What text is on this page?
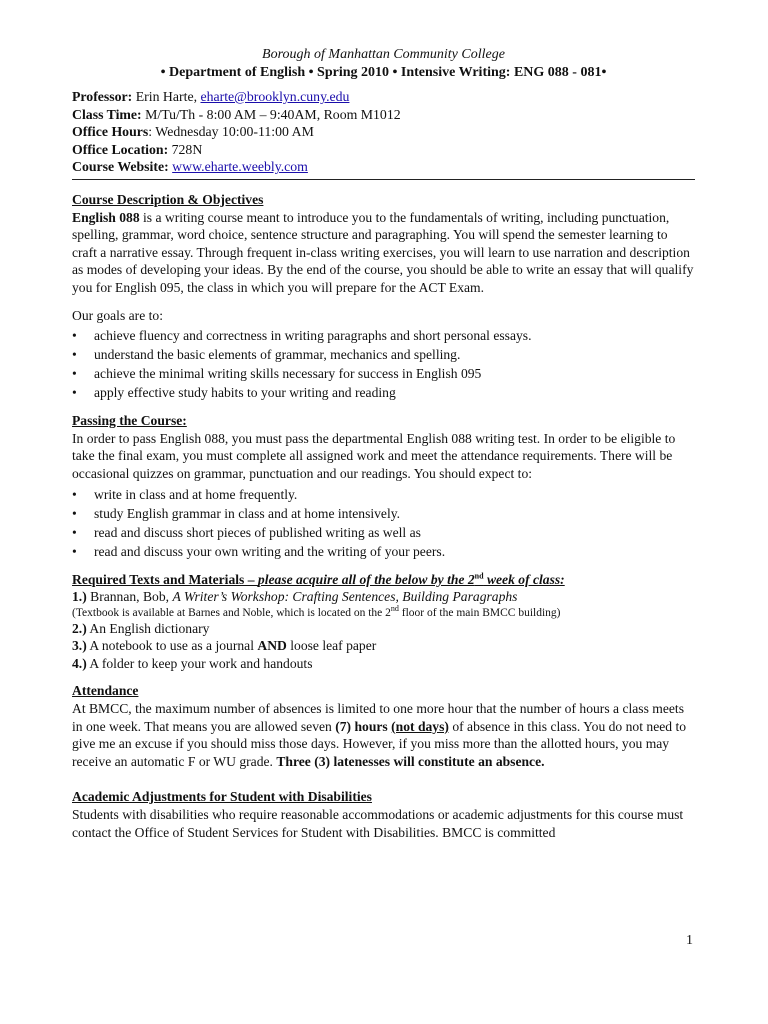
Borough of Manhattan Community College
• Department of English • Spring 2010 • Intensive Writing: ENG 088 - 081•
Professor: Erin Harte, eharte@brooklyn.cuny.edu
Class Time: M/Tu/Th - 8:00 AM – 9:40AM, Room M1012
Office Hours: Wednesday 10:00-11:00 AM
Office Location: 728N
Course Website: www.eharte.weebly.com
Course Description & Objectives

English 088 is a writing course meant to introduce you to the fundamentals of writing, including punctuation, spelling, grammar, word choice, sentence structure and paragraphing. You will spend the semester learning to craft a narrative essay. Through frequent in-class writing exercises, you will learn to use narration and description as modes of developing your ideas. By the end of the course, you should be able to write an essay that will qualify you for English 095, the class in which you will prepare for the ACT Exam.

Our goals are to:

• achieve fluency and correctness in writing paragraphs and short personal essays.
• understand the basic elements of grammar, mechanics and spelling.
• achieve the minimal writing skills necessary for success in English 095
• apply effective study habits to your writing and reading
Passing the Course:

In order to pass English 088, you must pass the departmental English 088 writing test. In order to be eligible to take the final exam, you must complete all assigned work and meet the attendance requirements. There will be occasional quizzes on grammar, punctuation and our readings. You should expect to:

• write in class and at home frequently.
• study English grammar in class and at home intensively.
• read and discuss short pieces of published writing as well as
• read and discuss your own writing and the writing of your peers.
Required Texts and Materials – please acquire all of the below by the 2nd week of class:
1.) Brannan, Bob, A Writer’s Workshop: Crafting Sentences, Building Paragraphs
(Textbook is available at Barnes and Noble, which is located on the 2nd floor of the main BMCC building)
2.) An English dictionary
3.) A notebook to use as a journal AND loose leaf paper
4.) A folder to keep your work and handouts
Attendance

At BMCC, the maximum number of absences is limited to one more hour that the number of hours a class meets in one week. That means you are allowed seven (7) hours (not days) of absence in this class. You do not need to give me an excuse if you should miss those days. However, if you miss more than the allotted hours, you may receive an automatic F or WU grade. Three (3) latenesses will constitute an absence.

Academic Adjustments for Student with Disabilities

Students with disabilities who require reasonable accommodations or academic adjustments for this course must contact the Office of Student Services for Student with Disabilities. BMCC is committed

1
